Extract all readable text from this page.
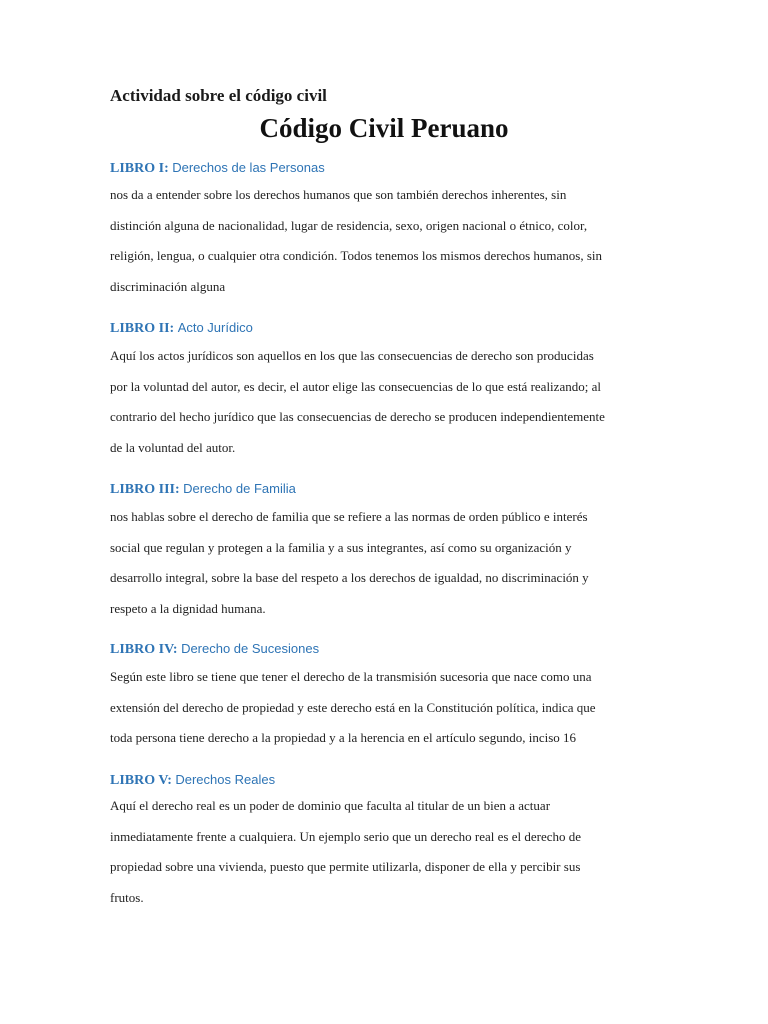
Actividad sobre el código civil
Código Civil Peruano
LIBRO I: Derechos de las Personas
nos da a entender sobre los derechos humanos que son también derechos inherentes, sin
distinción alguna de nacionalidad, lugar de residencia, sexo, origen nacional o étnico, color,
religión, lengua, o cualquier otra condición. Todos tenemos los mismos derechos humanos, sin
discriminación alguna
LIBRO II: Acto Jurídico
Aquí los actos jurídicos son aquellos en los que las consecuencias de derecho son producidas
por la voluntad del autor, es decir, el autor elige las consecuencias de lo que está realizando; al
contrario del hecho jurídico que las consecuencias de derecho se producen independientemente
de la voluntad del autor.
LIBRO III: Derecho de Familia
nos hablas sobre el derecho de familia que se refiere a las normas de orden público e interés
social que regulan y protegen a la familia y a sus integrantes, así como su organización y
desarrollo integral, sobre la base del respeto a los derechos de igualdad, no discriminación y
respeto a la dignidad humana.
LIBRO IV: Derecho de Sucesiones
Según este libro se tiene que tener el derecho de la transmisión sucesoria que nace como una
extensión del derecho de propiedad y este derecho está en la Constitución política, indica que
toda persona tiene derecho a la propiedad y a la herencia en el artículo segundo, inciso 16
LIBRO V: Derechos Reales
Aquí el derecho real es un poder de dominio que faculta al titular de un bien a actuar
inmediatamente frente a cualquiera. Un ejemplo serio que un derecho real es el derecho de
propiedad sobre una vivienda, puesto que permite utilizarla, disponer de ella y percibir sus
frutos.
